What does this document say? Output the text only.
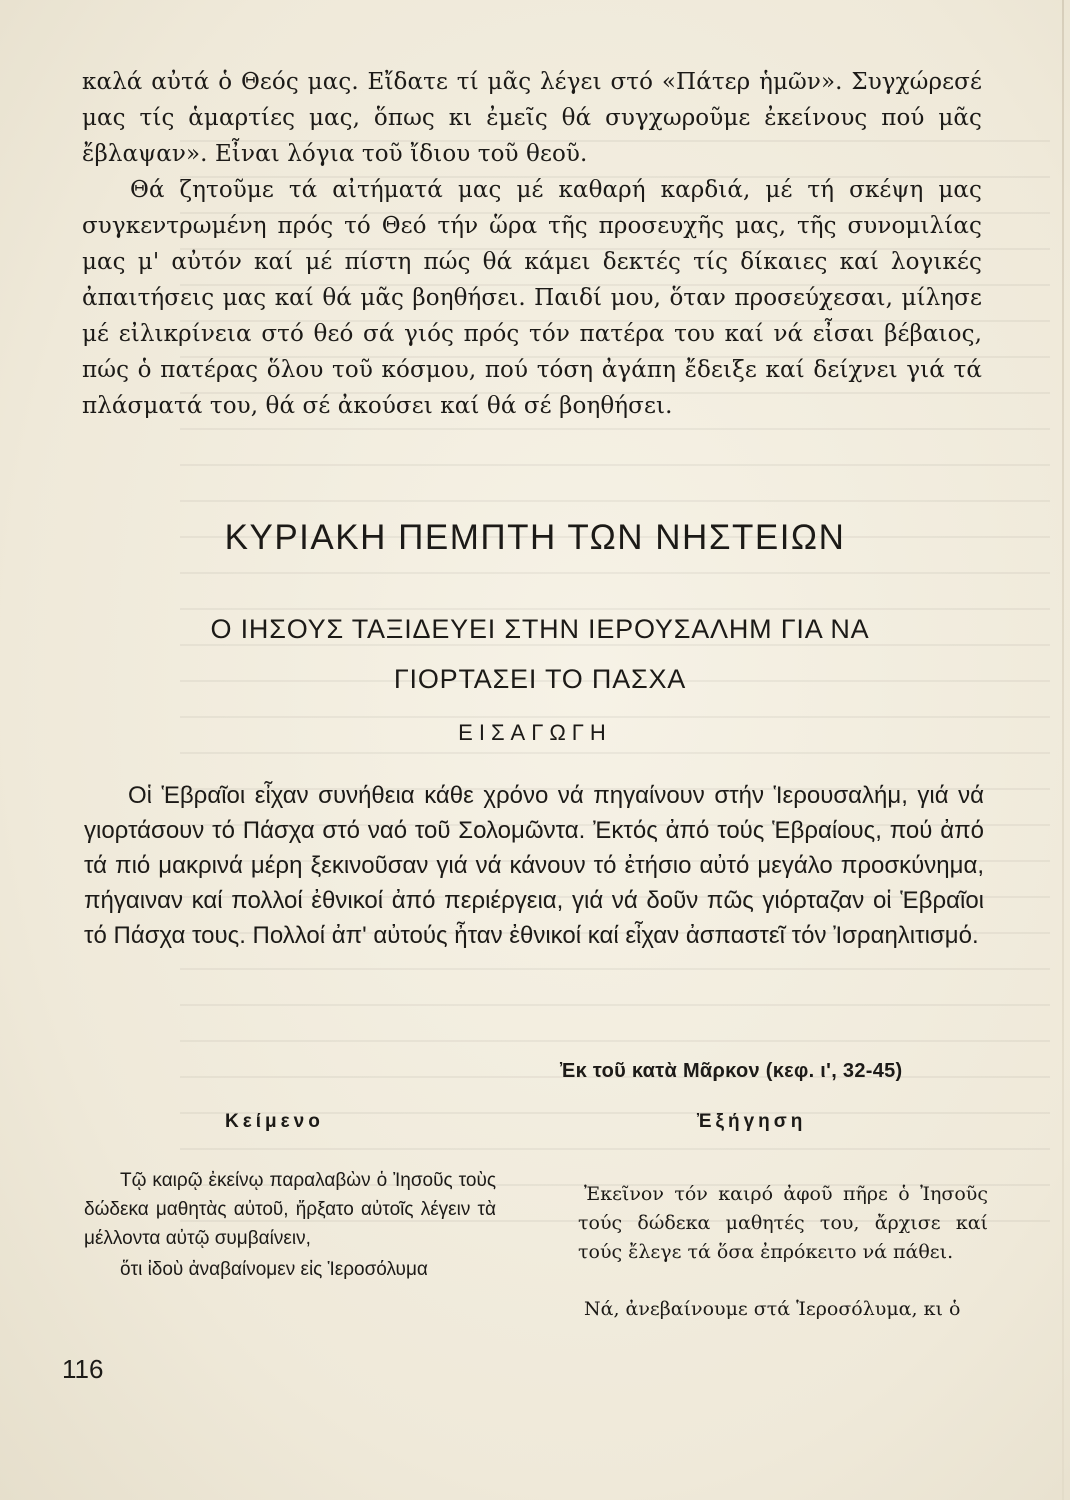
καλά αὐτά ὁ Θεός μας. Εἴδατε τί μᾶς λέγει στό «Πάτερ ἡμῶν». Συγχώρεσέ μας τίς ἁμαρτίες μας, ὅπως κι ἐμεῖς θά συγχωροῦμε ἐκείνους πού μᾶς ἔβλαψαν». Εἶναι λόγια τοῦ ἴδιου τοῦ θεοῦ.
Θά ζητοῦμε τά αἰτήματά μας μέ καθαρή καρδιά, μέ τή σκέψη μας συγκεντρωμένη πρός τό Θεό τήν ὥρα τῆς προσευχῆς μας, τῆς συνομιλίας μας μ' αὐτόν καί μέ πίστη πώς θά κάμει δεκτές τίς δίκαιες καί λογικές ἀπαιτήσεις μας καί θά μᾶς βοηθήσει. Παιδί μου, ὅταν προσεύχεσαι, μίλησε μέ εἰλικρίνεια στό θεό σά γιός πρός τόν πατέρα του καί νά εἶσαι βέβαιος, πώς ὁ πατέρας ὅλου τοῦ κόσμου, πού τόση ἀγάπη ἔδειξε καί δείχνει γιά τά πλάσματά του, θά σέ ἀκούσει καί θά σέ βοηθήσει.
ΚΥΡΙΑΚΗ ΠΕΜΠΤΗ ΤΩΝ ΝΗΣΤΕΙΩΝ
Ο ΙΗΣΟΥΣ ΤΑΞΙΔΕΥΕΙ ΣΤΗΝ ΙΕΡΟΥΣΑΛΗΜ ΓΙΑ ΝΑ
ΓΙΟΡΤΑΣΕΙ ΤΟ ΠΑΣΧΑ
ΕΙΣΑΓΩΓΗ
Οἱ Ἑβραῖοι εἶχαν συνήθεια κάθε χρόνο νά πηγαίνουν στήν Ἱερουσαλήμ, γιά νά γιορτάσουν τό Πάσχα στό ναό τοῦ Σολομῶντα. Ἐκτός ἀπό τούς Ἑβραίους, πού ἀπό τά πιό μακρινά μέρη ξεκινοῦσαν γιά νά κάνουν τό ἐτήσιο αὐτό μεγάλο προσκύνημα, πήγαιναν καί πολλοί ἐθνικοί ἀπό περιέργεια, γιά νά δοῦν πῶς γιόρταζαν οἱ Ἑβραῖοι τό Πάσχα τους. Πολλοί ἀπ' αὐτούς ἦταν ἐθνικοί καί εἶχαν ἀσπαστεῖ τόν Ἰσραηλιτισμό.
Ἐκ τοῦ κατὰ Μᾶρκον (κεφ. ι', 32-45)
Κείμενο	Ἐξήγηση

Τῷ καιρῷ ἐκείνῳ παραλαβὼν ὁ Ἰησοῦς τοὺς δώδεκα μαθητὰς αὐτοῦ, ἤρξατο αὐτοῖς λέγειν τὰ μέλλοντα αὐτῷ συμβαίνειν,

ὅτι ἰδοὺ ἀναβαίνομεν εἰς Ἱεροσόλυμα

Ἐκεῖνον τόν καιρό ἀφοῦ πῆρε ὁ Ἰησοῦς τούς δώδεκα μαθητές του, ἄρχισε καί τούς ἔλεγε τά ὅσα ἐπρόκειτο νά πάθει.

Νά, ἀνεβαίνουμε στά Ἱεροσόλυμα, κι ὁ

116
